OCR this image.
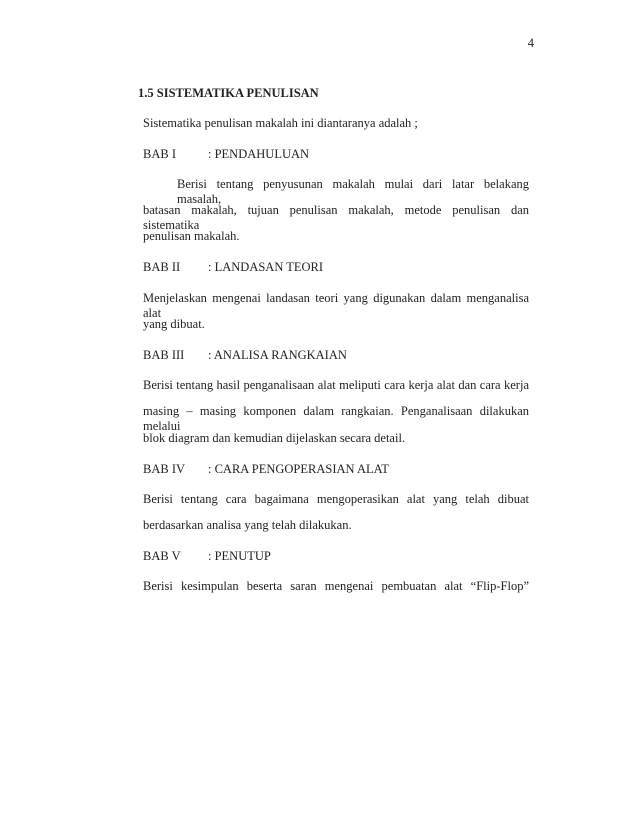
4
1.5 SISTEMATIKA PENULISAN
Sistematika penulisan makalah ini diantaranya adalah ;
BAB I	: PENDAHULUAN
Berisi tentang penyusunan makalah mulai dari latar belakang masalah,
batasan makalah, tujuan penulisan makalah, metode penulisan dan sistematika
penulisan makalah.
BAB II : LANDASAN TEORI
Menjelaskan mengenai landasan teori yang digunakan dalam menganalisa alat
yang dibuat.
BAB III : ANALISA RANGKAIAN
Berisi tentang hasil penganalisaan alat meliputi cara kerja alat dan cara kerja
masing – masing komponen dalam rangkaian. Penganalisaan dilakukan melalui
blok diagram dan kemudian dijelaskan secara detail.
BAB IV : CARA PENGOPERASIAN ALAT
Berisi tentang cara bagaimana mengoperasikan alat yang telah dibuat
berdasarkan analisa yang telah dilakukan.
BAB V : PENUTUP
Berisi kesimpulan beserta saran mengenai pembuatan alat “Flip-Flop”
